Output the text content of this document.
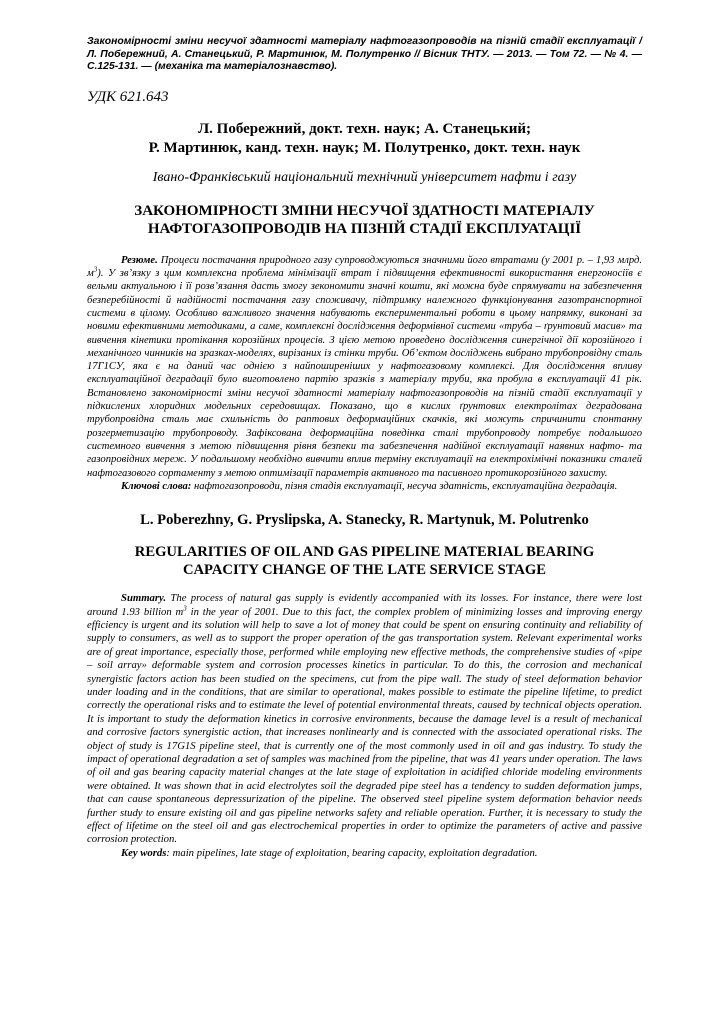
Закономірності зміни несучої здатності матеріалу нафтогазопроводів на пізній стадії експлуатації / Л. Побережний, А. Станецький, Р. Мартинюк, М. Полутренко // Вісник ТНТУ. — 2013. — Том 72. — № 4. — С.125-131. — (механіка та матеріалознавство).

УДК 621.643

Л. Побережний, докт. техн. наук; А. Станецький;
Р. Мартинюк, канд. техн. наук; М. Полутренко, докт. техн. наук

Івано-Франківський національний технічний університет нафти і газу

ЗАКОНОМІРНОСТІ ЗМІНИ НЕСУЧОЇ ЗДАТНОСТІ МАТЕРІАЛУ
НАФТОГАЗОПРОВОДІВ НА ПІЗНІЙ СТАДІЇ ЕКСПЛУАТАЦІЇ

Резюме. Процеси постачання природного газу супроводжуються значними його втратами (у 2001 р. – 1,93 млрд. $м^3$). У зв’язку з цим комплексна проблема мінімізації втрат і підвищення ефективності використання енергоносіїв є вельми актуальною і її розв’язання дасть змогу зекономити значні кошти, які можна буде спрямувати на забезпечення безперебійності й надійності постачання газу споживачу, підтримку належного функціонування газотранспортної системи в цілому. Особливо важливого значення набувають експериментальні роботи в цьому напрямку, виконані за новими ефективними методиками, а саме, комплексні дослідження деформівної системи «труба – ґрунтовий масив» та вивчення кінетики протікання корозійних процесів. З цією метою проведено дослідження синергічної дії корозійного і механічного чинників на зразках-моделях, вирізаних із стінки труби. Об’єктом досліджень вибрано трубопровідну сталь 17Г1СУ, яка є на даний час однією з найпоширеніших у нафтогазовому комплексі. Для дослідження впливу експлуатаційної деградації було виготовлено партію зразків з матеріалу труби, яка пробула в експлуатації 41 рік. Встановлено закономірності зміни несучої здатності матеріалу нафтогазопроводів на пізній стадії експлуатації у підкислених хлоридних модельних середовищах. Показано, що в кислих ґрунтових електролітах деградована трубопровідна сталь має схильність до раптових деформаційних скачків, які можуть спричинити спонтанну розгерметизацію трубопроводу. Зафіксована деформаційна поведінка сталі трубопроводу потребує подальшого системного вивчення з метою підвищення рівня безпеки та забезпечення надійної експлуатації наявних нафто- та газопровідних мереж. У подальшому необхідно вивчити вплив терміну експлуатації на електрохімічні показники сталей нафтогазового сортаменту з метою оптимізації параметрів активного та пасивного протикорозійного захисту.

Ключові слова: нафтогазопроводи, пізня стадія експлуатації, несуча здатність, експлуатаційна деградація.

L. Poberezhny, G. Pryslipska, A. Stanecky, R. Martynuk, M. Polutrenko

REGULARITIES OF OIL AND GAS PIPELINE MATERIAL BEARING
CAPACITY CHANGE OF THE LATE SERVICE STAGE

Summary. The process of natural gas supply is evidently accompanied with its losses. For instance, there were lost around 1.93 billion $m^3$ in the year of 2001. Due to this fact, the complex problem of minimizing losses and improving energy efficiency is urgent and its solution will help to save a lot of money that could be spent on ensuring continuity and reliability of supply to consumers, as well as to support the proper operation of the gas transportation system. Relevant experimental works are of great importance, especially those, performed while employing new effective methods, the comprehensive studies of «pipe – soil array» deformable system and corrosion processes kinetics in particular. To do this, the corrosion and mechanical synergistic factors action has been studied on the specimens, cut from the pipe wall. The study of steel deformation behavior under loading and in the conditions, that are similar to operational, makes possible to estimate the pipeline lifetime, to predict correctly the operational risks and to estimate the level of potential environmental threats, caused by technical objects operation. It is important to study the deformation kinetics in corrosive environments, because the damage level is a result of mechanical and corrosive factors synergistic action, that increases nonlinearly and is connected with the associated operational risks. The object of study is 17G1S pipeline steel, that is currently one of the most commonly used in oil and gas industry. To study the impact of operational degradation a set of samples was machined from the pipeline, that was 41 years under operation. The laws of oil and gas bearing capacity material changes at the late stage of exploitation in acidified chloride modeling environments were obtained. It was shown that in acid electrolytes soil the degraded pipe steel has a tendency to sudden deformation jumps, that can cause spontaneous depressurization of the pipeline. The observed steel pipeline system deformation behavior needs further study to ensure existing oil and gas pipeline networks safety and reliable operation. Further, it is necessary to study the effect of lifetime on the steel oil and gas electrochemical properties in order to optimize the parameters of active and passive corrosion protection.

Key words: main pipelines, late stage of exploitation, bearing capacity, exploitation degradation.
